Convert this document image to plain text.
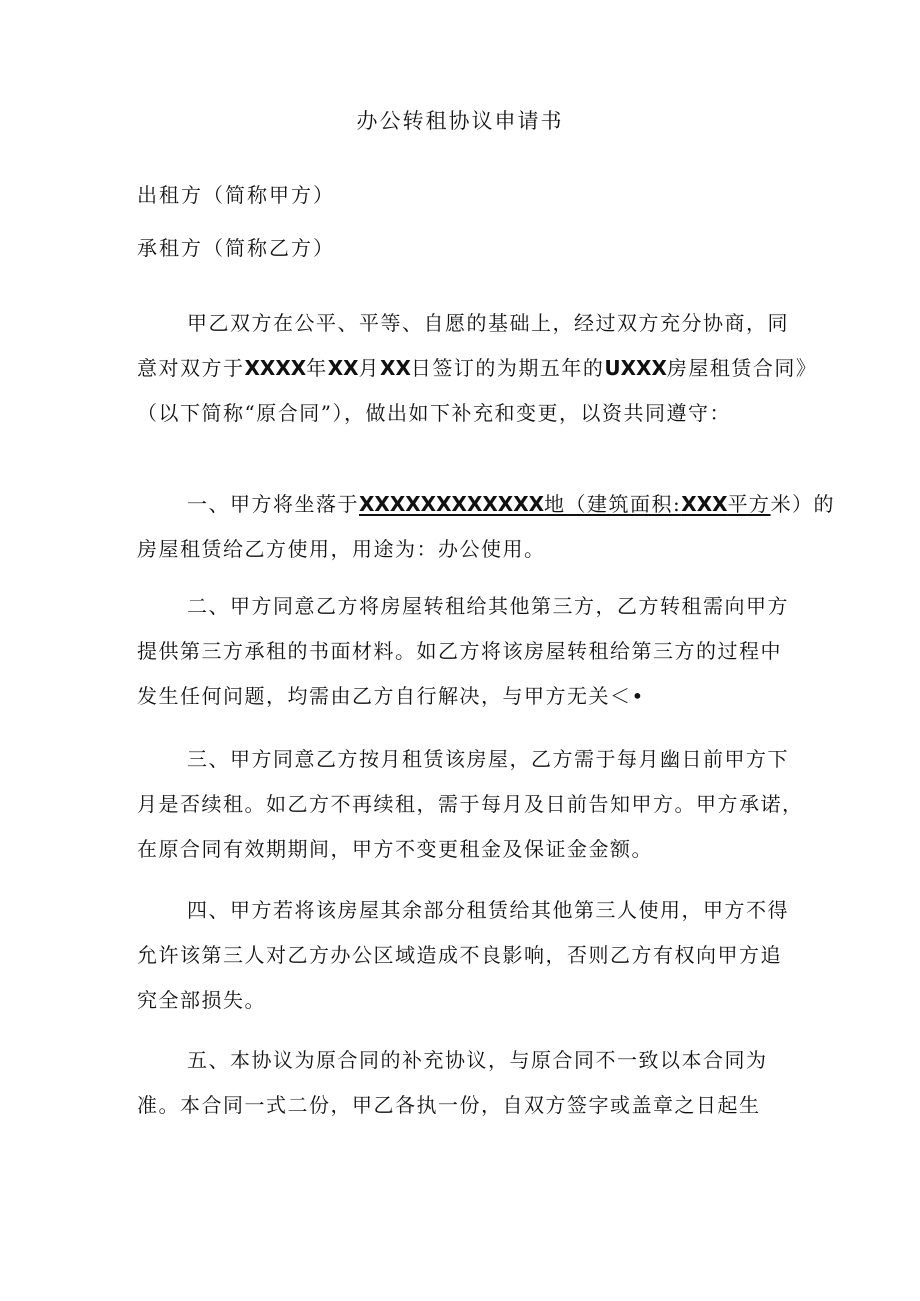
办公转租协议申请书
出租方（简称甲方）
承租方（简称乙方）
甲乙双方在公平、平等、自愿的基础上，经过双方充分协商，同
意对双方于XXXX年XX月XX日签订的为期五年的UXXX房屋租赁合同》
（以下简称“原合同”），做出如下补充和变更，以资共同遵守：
一、甲方将坐落于XXXXXXXXXXXX地（建筑面积:XXX平方米）的
房屋租赁给乙方使用，用途为：办公使用。
二、甲方同意乙方将房屋转租给其他第三方，乙方转租需向甲方
提供第三方承租的书面材料。如乙方将该房屋转租给第三方的过程中
发生任何问题，均需由乙方自行解决，与甲方无关＜•
三、甲方同意乙方按月租赁该房屋，乙方需于每月幽日前甲方下
月是否续租。如乙方不再续租，需于每月及日前告知甲方。甲方承诺，
在原合同有效期期间，甲方不变更租金及保证金金额。
四、甲方若将该房屋其余部分租赁给其他第三人使用，甲方不得
允许该第三人对乙方办公区域造成不良影响，否则乙方有权向甲方追
究全部损失。
五、本协议为原合同的补充协议，与原合同不一致以本合同为
准。本合同一式二份，甲乙各执一份，自双方签字或盖章之日起生
